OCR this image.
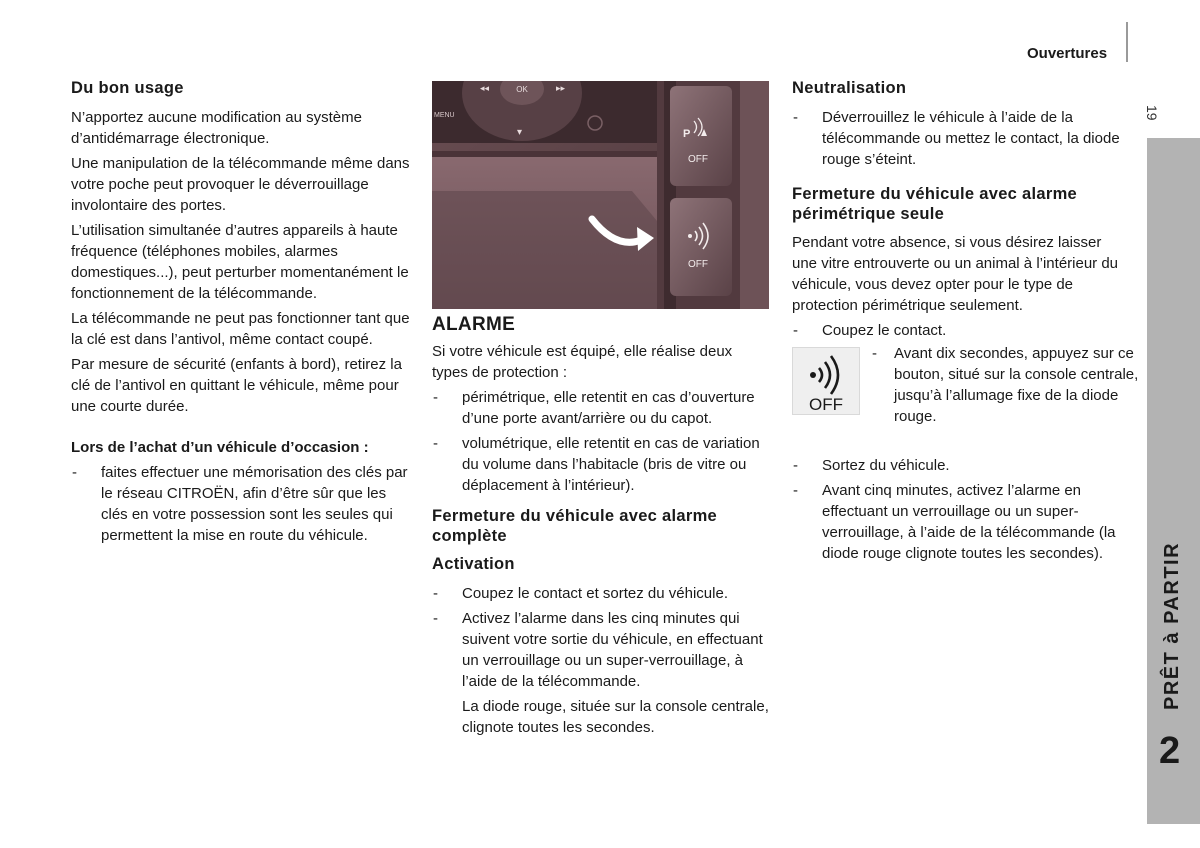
Ouvertures
19
PRÊT à PARTIR
2
Du bon usage

N’apportez aucune modification au système d’antidémarrage électronique.

Une manipulation de la télécommande même dans votre poche peut provoquer le déverrouillage involontaire des portes.

L’utilisation simultanée d’autres appareils à haute fréquence (téléphones mobiles, alarmes domestiques...), peut perturber momentanément le fonctionnement de la télécommande.

La télécommande ne peut pas fonctionner tant que la clé est dans l’antivol, même contact coupé.

Par mesure de sécurité (enfants à bord), retirez la clé de l’antivol en quittant le véhicule, même pour une courte durée.

Lors de l’achat d’un véhicule d’occasion :

- faites effectuer une mémorisation des clés par le réseau CITROËN, afin d’être sûr que les clés en votre possession sont les seules qui permettent la mise en route du véhicule.
OK
◂◂	▸▸
▾
MENU
P
OFF
OFF
ALARME

Si votre véhicule est équipé, elle réalise deux types de protection :

- périmétrique, elle retentit en cas d’ouverture d’une porte avant/arrière ou du capot.
- volumétrique, elle retentit en cas de variation du volume dans l’habitacle (bris de vitre ou déplacement à l’intérieur).
Fermeture du véhicule avec alarme complète
Activation
- Coupez le contact et sortez du véhicule.
- Activez l’alarme dans les cinq minutes qui suivent votre sortie du véhicule, en effectuant un verrouillage ou un super-verrouillage, à l’aide de la télécommande.

La diode rouge, située sur la console centrale, clignote toutes les secondes.

Neutralisation
- Déverrouillez le véhicule à l’aide de la télécommande ou mettez le contact, la diode rouge s’éteint.
Fermeture du véhicule avec alarme périmétrique seule

Pendant votre absence, si vous désirez laisser une vitre entrouverte ou un animal à l’intérieur du véhicule, vous devez opter pour le type de protection périmétrique seulement.

- Coupez le contact.
OFF
- Avant dix secondes, appuyez sur ce bouton, situé sur la console centrale, jusqu’à l’allumage fixe de la diode rouge.
- Sortez du véhicule.
- Avant cinq minutes, activez l’alarme en effectuant un verrouillage ou un super-verrouillage, à l’aide de la télécommande (la diode rouge clignote toutes les secondes).
